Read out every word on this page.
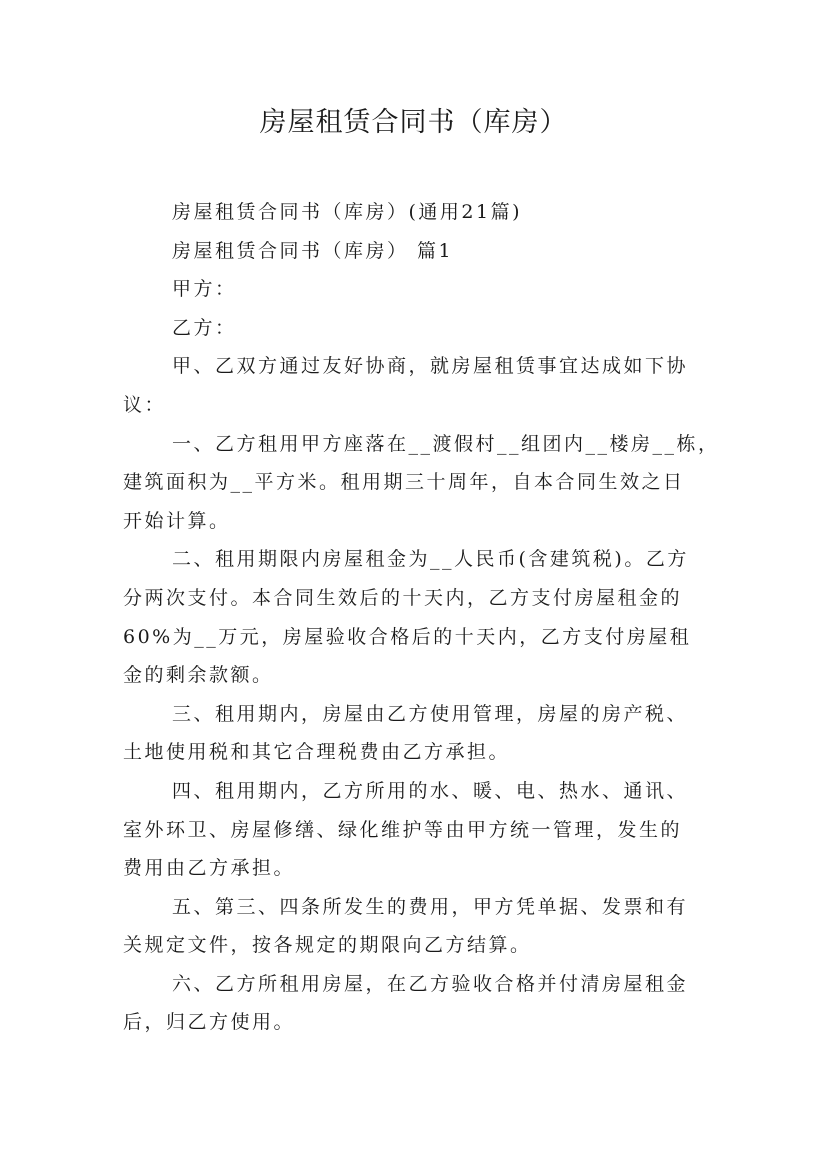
房屋租赁合同书（库房）
房屋租赁合同书（库房）(通用21篇)
房屋租赁合同书（库房） 篇1
甲方：
乙方：
甲、乙双方通过友好协商，就房屋租赁事宜达成如下协
议：
一、乙方租用甲方座落在__渡假村__组团内__楼房__栋，
建筑面积为__平方米。租用期三十周年，自本合同生效之日
开始计算。
二、租用期限内房屋租金为__人民币(含建筑税)。乙方
分两次支付。本合同生效后的十天内，乙方支付房屋租金的
60%为__万元，房屋验收合格后的十天内，乙方支付房屋租
金的剩余款额。
三、租用期内，房屋由乙方使用管理，房屋的房产税、
土地使用税和其它合理税费由乙方承担。
四、租用期内，乙方所用的水、暖、电、热水、通讯、
室外环卫、房屋修缮、绿化维护等由甲方统一管理，发生的
费用由乙方承担。
五、第三、四条所发生的费用，甲方凭单据、发票和有
关规定文件，按各规定的期限向乙方结算。
六、乙方所租用房屋，在乙方验收合格并付清房屋租金
后，归乙方使用。
